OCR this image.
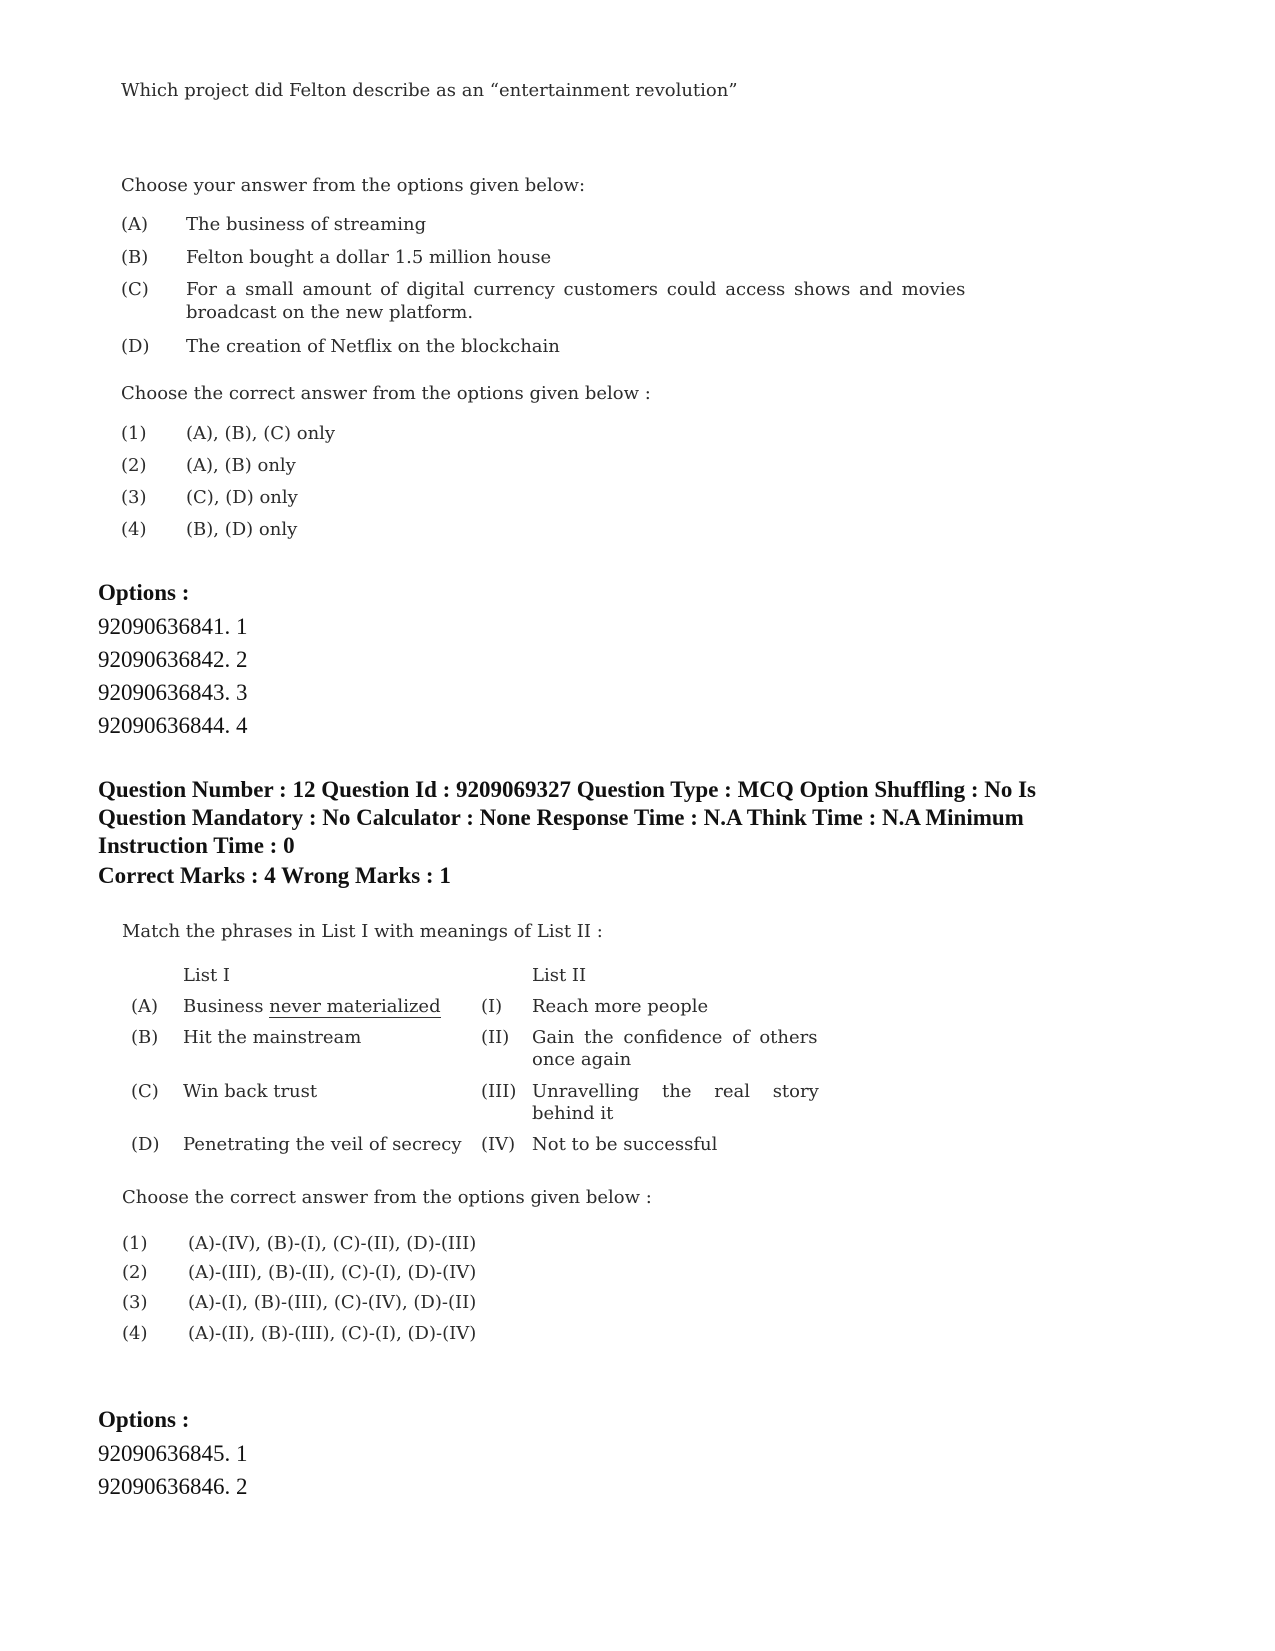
Which project did Felton describe as an “entertainment revolution”
Choose your answer from the options given below:
(A) The business of streaming
(B) Felton bought a dollar 1.5 million house
(C) For a small amount of digital currency customers could access shows and movies
broadcast on the new platform.
(D) The creation of Netflix on the blockchain
Choose the correct answer from the options given below :
(1) (A), (B), (C) only
(2) (A), (B) only
(3) (C), (D) only
(4) (B), (D) only
Options :
92090636841. 1
92090636842. 2
92090636843. 3
92090636844. 4
Question Number : 12 Question Id : 9209069327 Question Type : MCQ Option Shuffling : No Is
Question Mandatory : No Calculator : None Response Time : N.A Think Time : N.A Minimum
Instruction Time : 0
Correct Marks : 4 Wrong Marks : 1
Match the phrases in List I with meanings of List II :
List I	List II
(A) Business never materialized (I) Reach more people
(B) Hit the mainstream	(II) Gain the confidence of others
once again
(C) Win back trust	(III) Unravelling the real story
behind it
(D) Penetrating the veil of secrecy (IV) Not to be successful
Choose the correct answer from the options given below :
(1) (A)-(IV), (B)-(I), (C)-(II), (D)-(III)
(2) (A)-(III), (B)-(II), (C)-(I), (D)-(IV)
(3) (A)-(I), (B)-(III), (C)-(IV), (D)-(II)
(4) (A)-(II), (B)-(III), (C)-(I), (D)-(IV)
Options :
92090636845. 1
92090636846. 2
